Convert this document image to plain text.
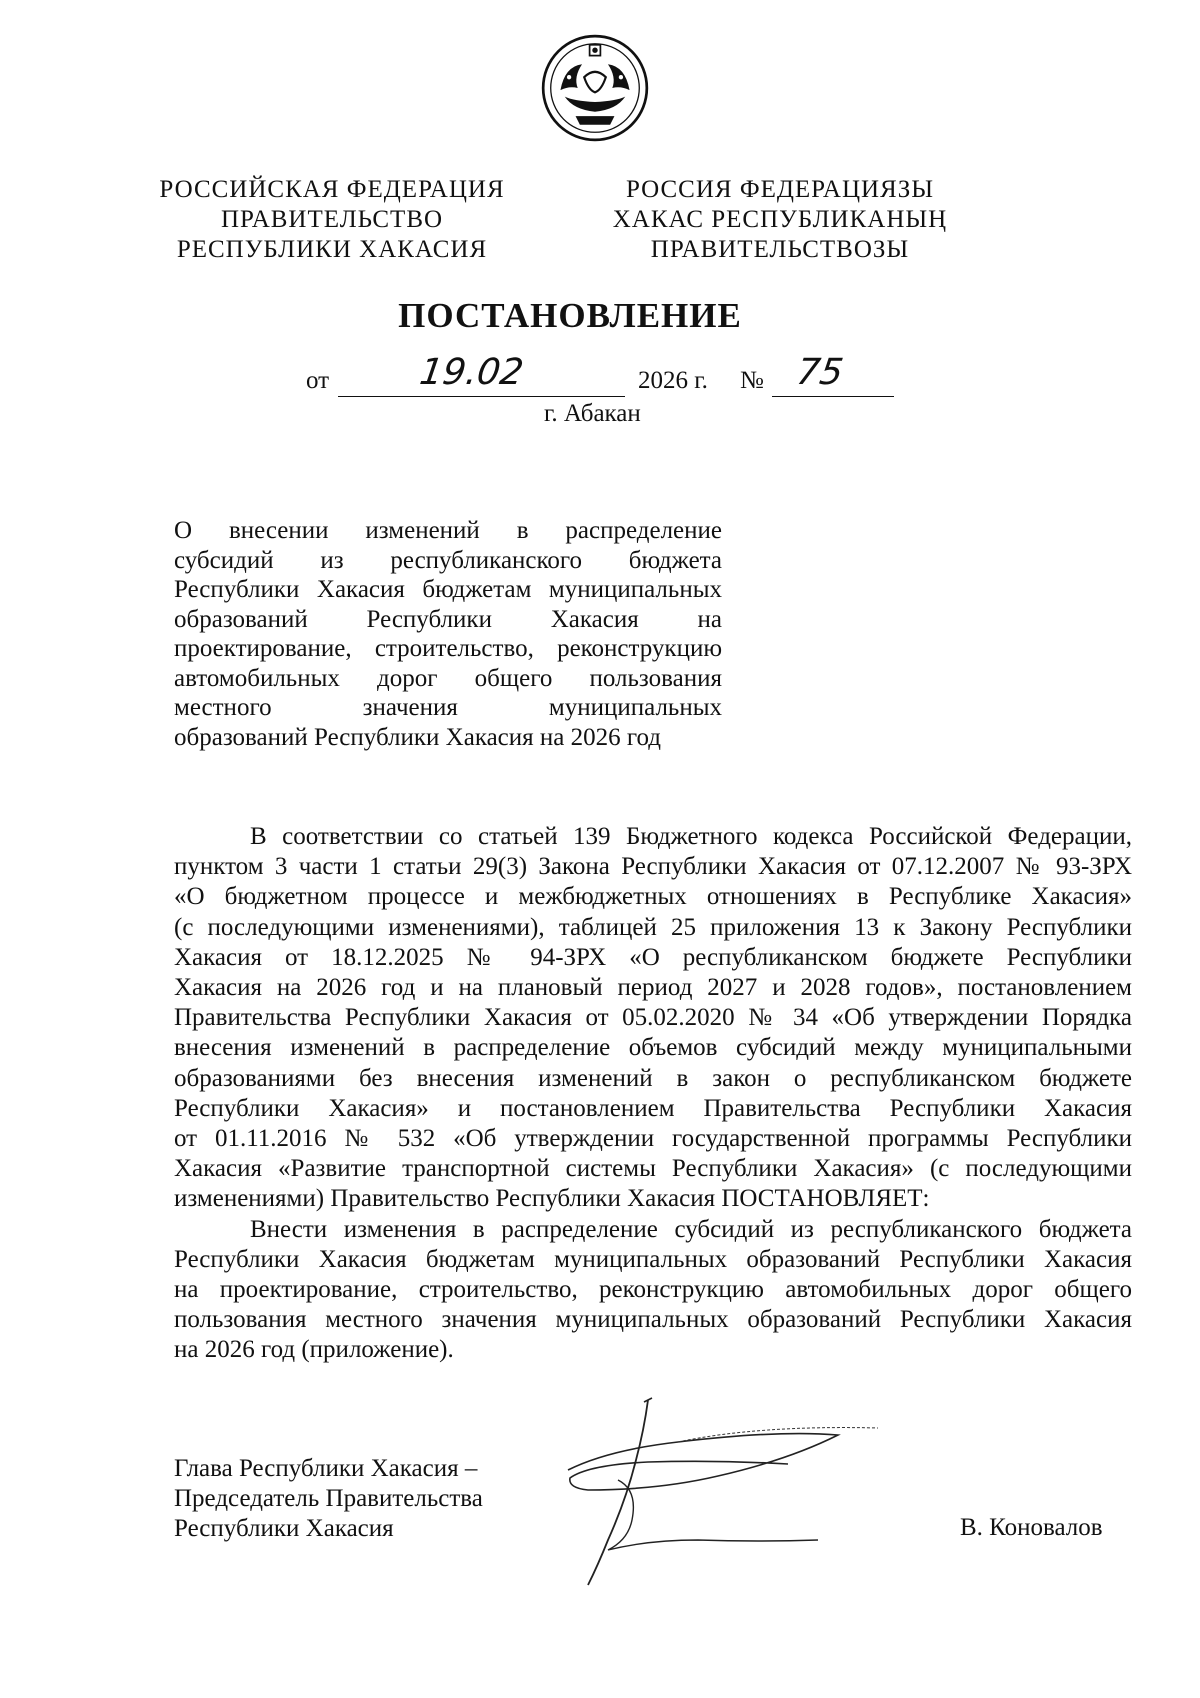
РОССИЙСКАЯ ФЕДЕРАЦИЯ
ПРАВИТЕЛЬСТВО
РЕСПУБЛИКИ ХАКАСИЯ
РОССИЯ ФЕДЕРАЦИЯЗЫ
ХАКАС РЕСПУБЛИКАНЫҢ
ПРАВИТЕЛЬСТВОЗЫ
ПОСТАНОВЛЕНИЕ
от 19.02	2026 г. № 75
г. Абакан
О внесении изменений в распределение
субсидий из республиканского бюджета
Республики Хакасия бюджетам муниципальных
образований Республики Хакасия на
проектирование, строительство, реконструкцию
автомобильных дорог общего пользования
местного значения муниципальных
образований Республики Хакасия на 2026 год

В соответствии со статьей 139 Бюджетного кодекса Российской Федерации,
пунктом 3 части 1 статьи 29(3) Закона Республики Хакасия от 07.12.2007 № 93-ЗРХ
«О бюджетном процессе и межбюджетных отношениях в Республике Хакасия»
(с последующими изменениями), таблицей 25 приложения 13 к Закону Республики
Хакасия от 18.12.2025 № 94-ЗРХ «О республиканском бюджете Республики
Хакасия на 2026 год и на плановый период 2027 и 2028 годов», постановлением
Правительства Республики Хакасия от 05.02.2020 № 34 «Об утверждении Порядка
внесения изменений в распределение объемов субсидий между муниципальными
образованиями без внесения изменений в закон о республиканском бюджете
Республики Хакасия» и постановлением Правительства Республики Хакасия
от 01.11.2016 № 532 «Об утверждении государственной программы Республики
Хакасия «Развитие транспортной системы Республики Хакасия» (с последующими
изменениями) Правительство Республики Хакасия ПОСТАНОВЛЯЕТ:

Внести изменения в распределение субсидий из республиканского бюджета
Республики Хакасия бюджетам муниципальных образований Республики Хакасия
на проектирование, строительство, реконструкцию автомобильных дорог общего
пользования местного значения муниципальных образований Республики Хакасия
на 2026 год (приложение).

Глава Республики Хакасия –
Председатель Правительства
Республики Хакасия	В. Коновалов
